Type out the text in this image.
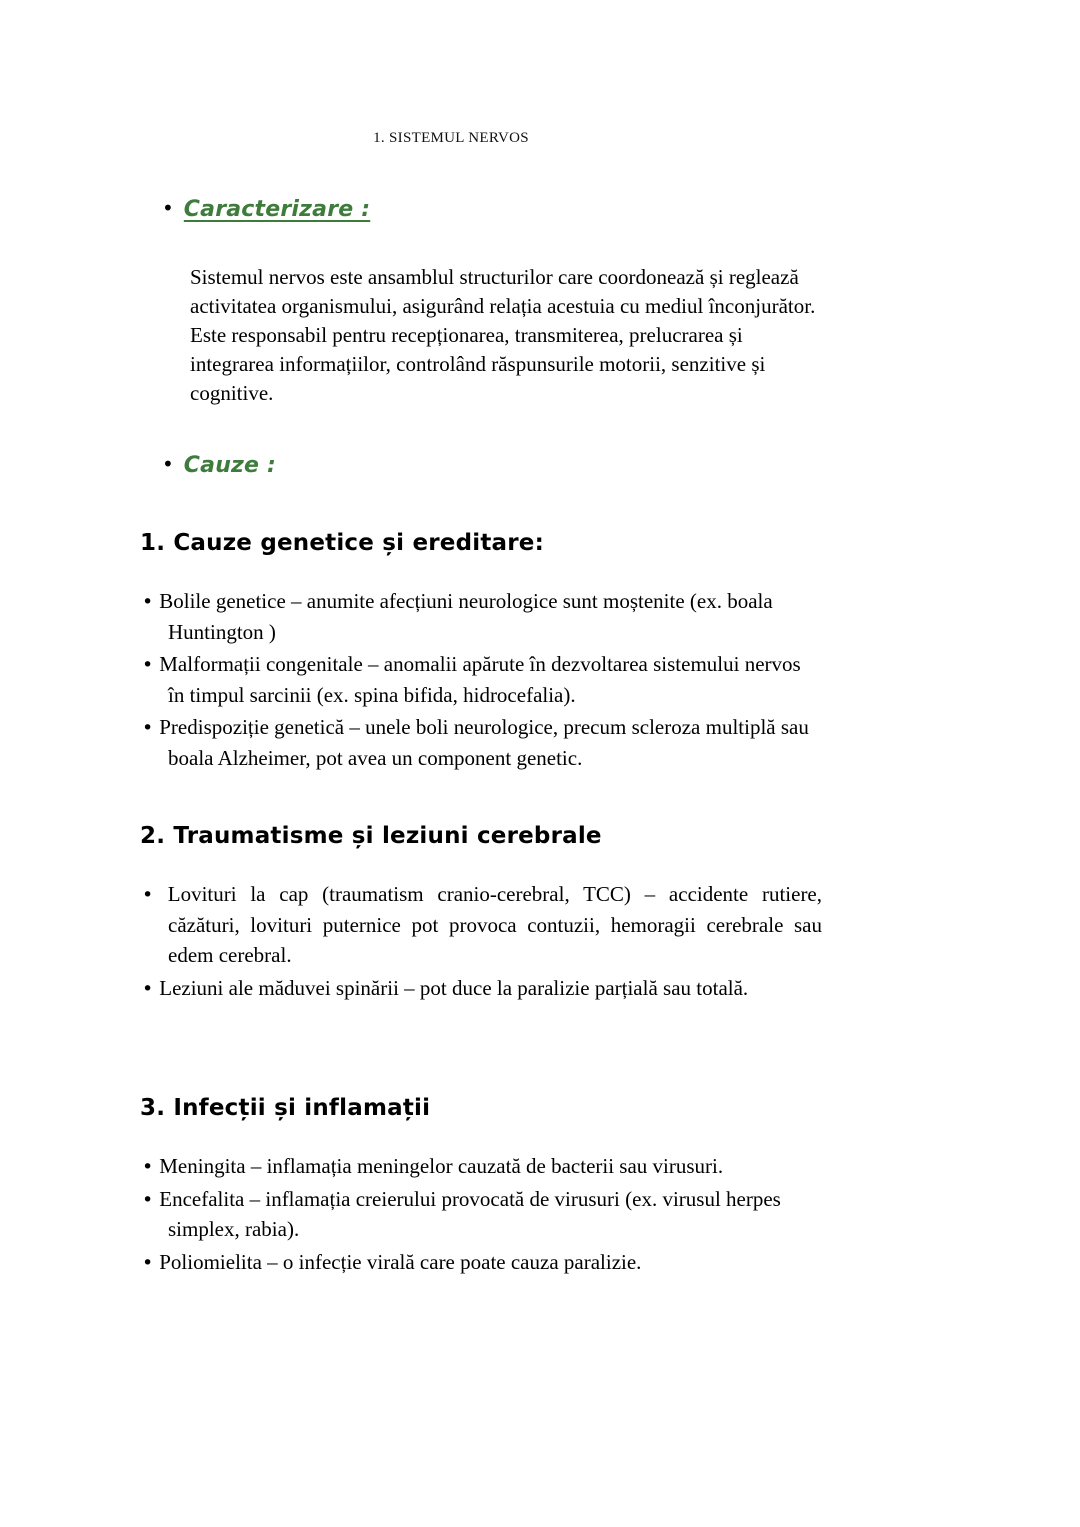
1. SISTEMUL NERVOS
• Caracterizare :

Sistemul nervos este ansamblul structurilor care coordonează și reglează activitatea organismului, asigurând relația acestuia cu mediul înconjurător. Este responsabil pentru recepționarea, transmiterea, prelucrarea și integrarea informațiilor, controlând răspunsurile motorii, senzitive și cognitive.

• Cauze :
1. Cauze genetice și ereditare:
• Bolile genetice – anumite afecțiuni neurologice sunt moștenite (ex. boala Huntington )
• Malformații congenitale – anomalii apărute în dezvoltarea sistemului nervos în timpul sarcinii (ex. spina bifida, hidrocefalia).
• Predispoziție genetică – unele boli neurologice, precum scleroza multiplă sau boala Alzheimer, pot avea un component genetic.
2. Traumatisme și leziuni cerebrale
• Lovituri la cap (traumatism cranio-cerebral, TCC) – accidente rutiere, căzături, lovituri puternice pot provoca contuzii, hemoragii cerebrale sau edem cerebral.
• Leziuni ale măduvei spinării – pot duce la paralizie parțială sau totală.
3. Infecții și inflamații
• Meningita – inflamația meningelor cauzată de bacterii sau virusuri.
• Encefalita – inflamația creierului provocată de virusuri (ex. virusul herpes simplex, rabia).
• Poliomielita – o infecție virală care poate cauza paralizie.
